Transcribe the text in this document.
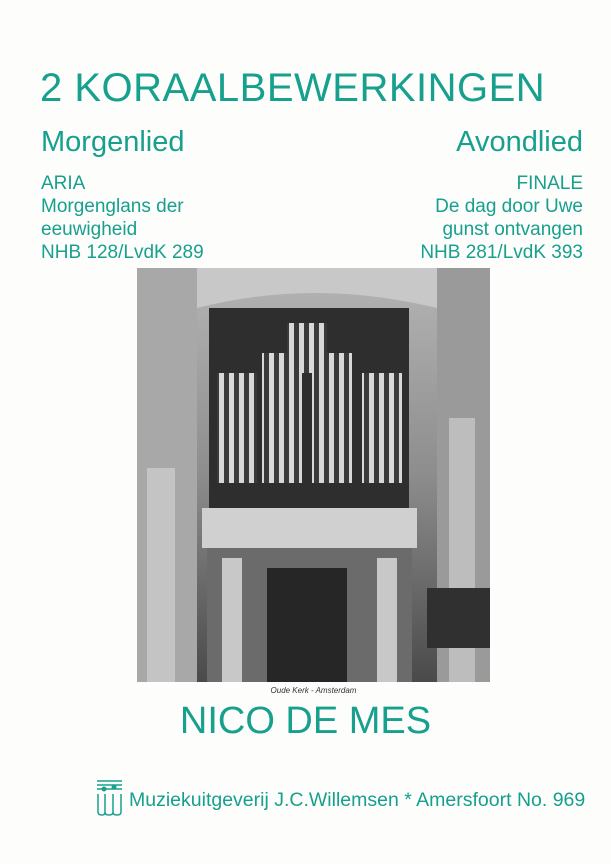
2 KORAALBEWERKINGEN
Morgenlied	Avondlied
ARIA
Morgenglans der
eeuwigheid
NHB 128/LvdK 289
FINALE
De dag door Uwe
gunst ontvangen
NHB 281/LvdK 393
Oude Kerk - Amsterdam
NICO DE MES
Muziekuitgeverij J.C.Willemsen * Amersfoort No. 969
